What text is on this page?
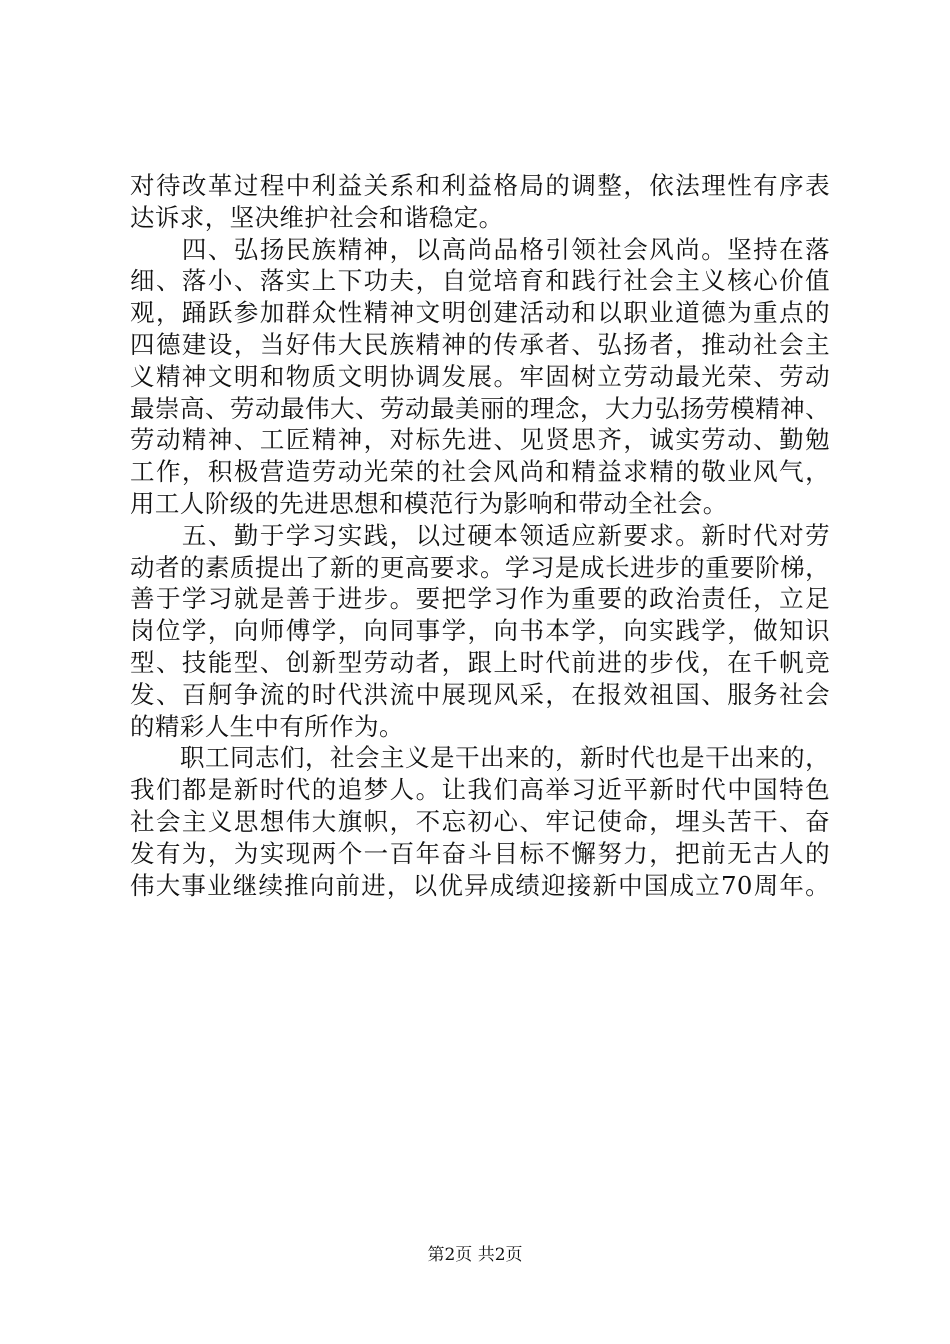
对待改革过程中利益关系和利益格局的调整，依法理性有序表
达诉求，坚决维护社会和谐稳定。
　　四、弘扬民族精神，以高尚品格引领社会风尚。坚持在落
细、落小、落实上下功夫，自觉培育和践行社会主义核心价值
观，踊跃参加群众性精神文明创建活动和以职业道德为重点的
四德建设，当好伟大民族精神的传承者、弘扬者，推动社会主
义精神文明和物质文明协调发展。牢固树立劳动最光荣、劳动
最崇高、劳动最伟大、劳动最美丽的理念，大力弘扬劳模精神、
劳动精神、工匠精神，对标先进、见贤思齐，诚实劳动、勤勉
工作，积极营造劳动光荣的社会风尚和精益求精的敬业风气，
用工人阶级的先进思想和模范行为影响和带动全社会。
　　五、勤于学习实践，以过硬本领适应新要求。新时代对劳
动者的素质提出了新的更高要求。学习是成长进步的重要阶梯，
善于学习就是善于进步。要把学习作为重要的政治责任，立足
岗位学，向师傅学，向同事学，向书本学，向实践学，做知识
型、技能型、创新型劳动者，跟上时代前进的步伐，在千帆竞
发、百舸争流的时代洪流中展现风采，在报效祖国、服务社会
的精彩人生中有所作为。
　　职工同志们，社会主义是干出来的，新时代也是干出来的，
我们都是新时代的追梦人。让我们高举习近平新时代中国特色
社会主义思想伟大旗帜，不忘初心、牢记使命，埋头苦干、奋
发有为，为实现两个一百年奋斗目标不懈努力，把前无古人的
伟大事业继续推向前进，以优异成绩迎接新中国成立70周年。
第2页 共2页
